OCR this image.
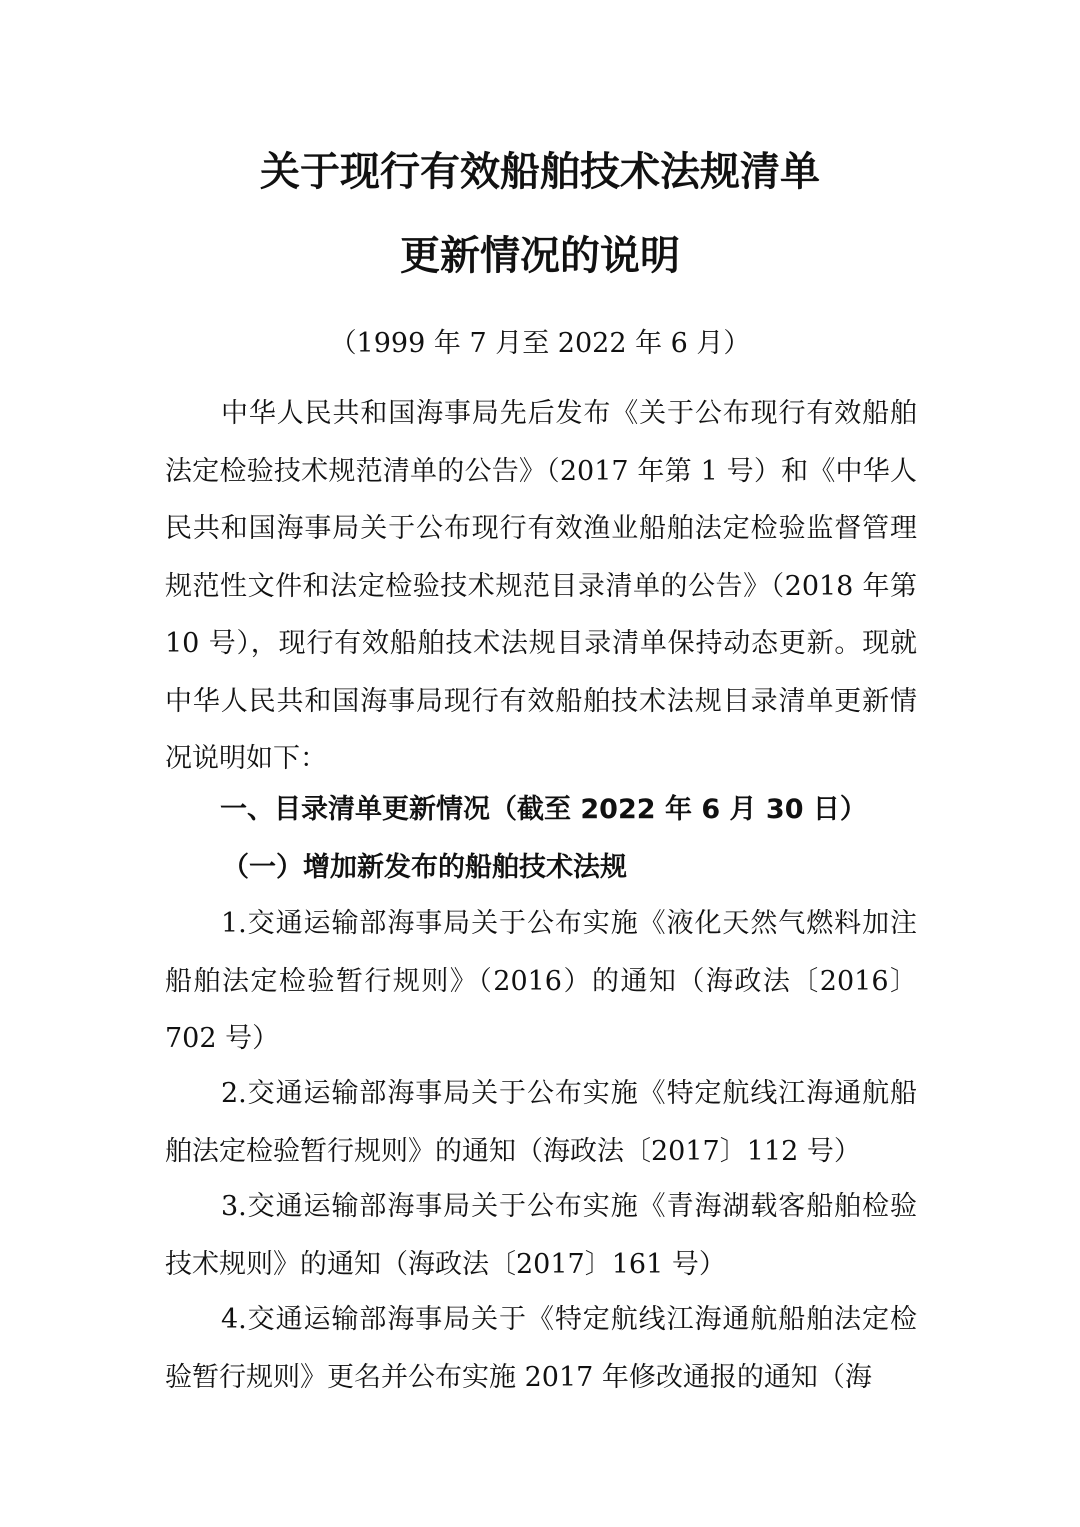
关于现行有效船舶技术法规清单
更新情况的说明
（1999 年 7 月至 2022 年 6 月）

中华人民共和国海事局先后发布《关于公布现行有效船舶法定检验技术规范清单的公告》（2017 年第 1 号）和《中华人民共和国海事局关于公布现行有效渔业船舶法定检验监督管理规范性文件和法定检验技术规范目录清单的公告》（2018 年第 10 号），现行有效船舶技术法规目录清单保持动态更新。现就中华人民共和国海事局现行有效船舶技术法规目录清单更新情况说明如下：

一、目录清单更新情况（截至 2022 年 6 月 30 日）
（一）增加新发布的船舶技术法规

1.交通运输部海事局关于公布实施《液化天然气燃料加注船舶法定检验暂行规则》（2016）的通知（海政法〔2016〕702 号）

2.交通运输部海事局关于公布实施《特定航线江海通航船舶法定检验暂行规则》的通知（海政法〔2017〕112 号）

3.交通运输部海事局关于公布实施《青海湖载客船舶检验技术规则》的通知（海政法〔2017〕161 号）

4.交通运输部海事局关于《特定航线江海通航船舶法定检验暂行规则》更名并公布实施 2017 年修改通报的通知（海
